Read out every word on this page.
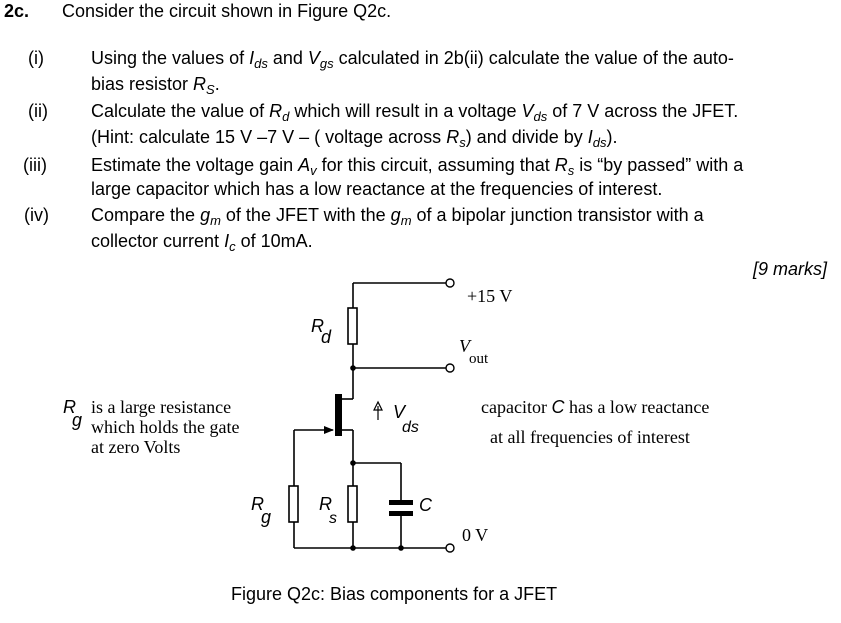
2c. Consider the circuit shown in Figure Q2c.
(i)	Using the values of $I_{ds}$ and $V_{gs}$ calculated in 2b(ii) calculate the value of the auto-
bias resistor $R_S$.
(ii) Calculate the value of $R_d$ which will result in a voltage $V_{ds}$ of 7 V across the JFET.
(Hint: calculate 15 V –7 V – ( voltage across $R_s$) and divide by $I_{ds}$).
(iii) Estimate the voltage gain $A_v$ for this circuit, assuming that $R_s$ is “by passed” with a
large capacitor which has a low reactance at the frequencies of interest.
(iv) Compare the $g_m$ of the JFET with the $g_m$ of a bipolar junction transistor with a
collector current $I_c$ of 10mA.
[9 marks]
+15 V
0 V
V
out
R
d
V
ds
R
g
R
s
C
R
g
is a large resistance
which holds the gate
at zero Volts
capacitor C has a low reactance
at all frequencies of interest
Figure Q2c: Bias components for a JFET
